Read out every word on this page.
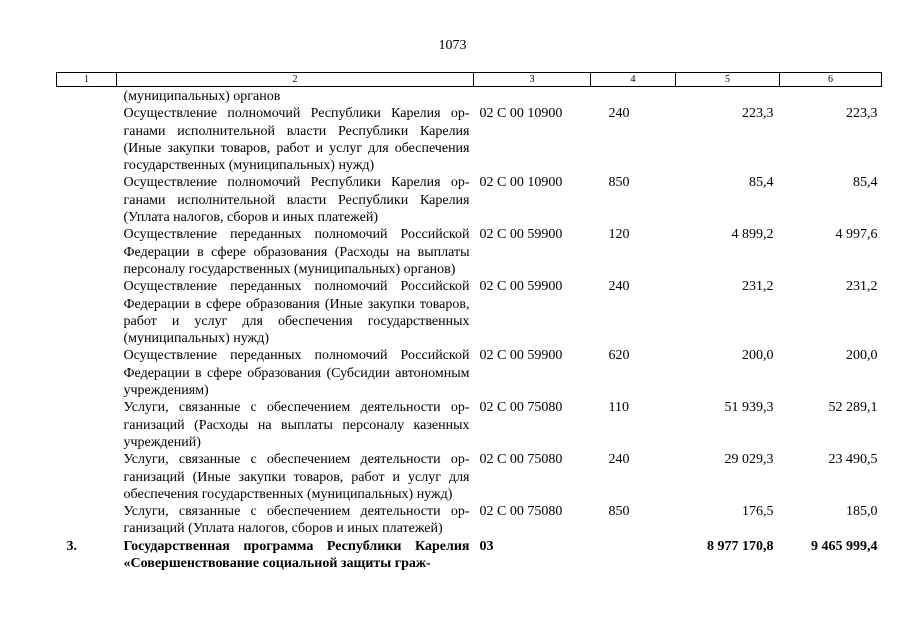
1073
1	2	3	4	5	6
	(муниципальных) органов				
	Осуществление полномочий Республики Карелия органами исполнительной власти Республики Карелия (Иные закупки товаров, работ и услуг для обеспечения государственных (муниципальных) нужд)	02 С 00 10900	240	223,3	223,3
	Осуществление полномочий Республики Карелия органами исполнительной власти Республики Карелия (Уплата налогов, сборов и иных платежей)	02 С 00 10900	850	85,4	85,4
	Осуществление переданных полномочий Российской Федерации в сфере образования (Расходы на выплаты персоналу государственных (муниципальных) органов)	02 С 00 59900	120	4 899,2	4 997,6
	Осуществление переданных полномочий Российской Федерации в сфере образования (Иные закупки товаров, работ и услуг для обеспечения государственных (муниципальных) нужд)	02 С 00 59900	240	231,2	231,2
	Осуществление переданных полномочий Российской Федерации в сфере образования (Субсидии автономным учреждениям)	02 С 00 59900	620	200,0	200,0
	Услуги, связанные с обеспечением деятельности организаций (Расходы на выплаты персоналу казенных учреждений)	02 С 00 75080	110	51 939,3	52 289,1
	Услуги, связанные с обеспечением деятельности организаций (Иные закупки товаров, работ и услуг для обеспечения государственных (муниципальных) нужд)	02 С 00 75080	240	29 029,3	23 490,5
	Услуги, связанные с обеспечением деятельности организаций (Уплата налогов, сборов и иных платежей)	02 С 00 75080	850	176,5	185,0
3.	Государственная программа Республики Карелия «Совершенствование социальной защиты граж-	03		8 977 170,8	9 465 999,4
